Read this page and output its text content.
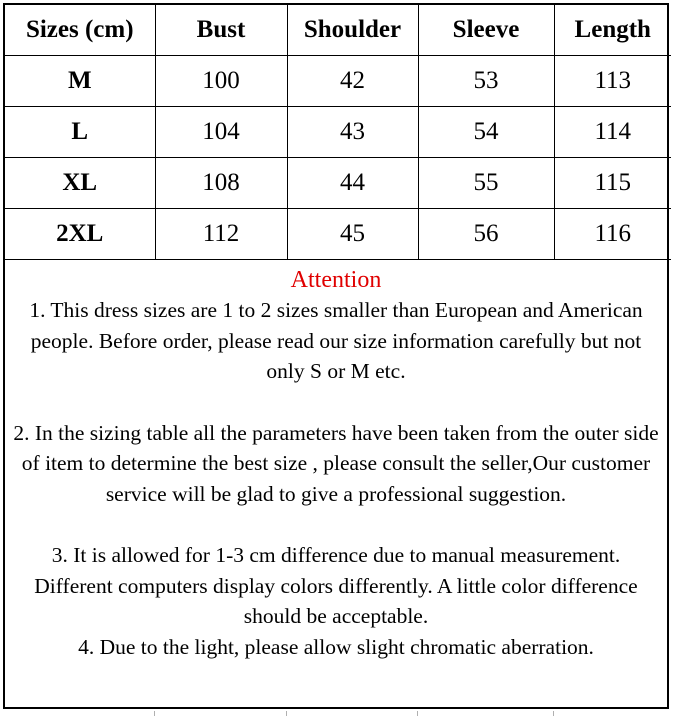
Sizes (cm)	Bust	Shoulder	Sleeve	Length
M	100	42	53	113
L	104	43	54	114
XL	108	44	55	115
2XL	112	45	56	116
Attention

1. This dress sizes are 1 to 2 sizes smaller than European and American people. Before order, please read our size information carefully but not only S or M etc.

2. In the sizing table all the parameters have been taken from the outer side of item to determine the best size , please consult the seller,Our customer service will be glad to give a professional suggestion.

3. It is allowed for 1-3 cm difference due to manual measurement. Different computers display colors differently. A little color difference should be acceptable.

4. Due to the light, please allow slight chromatic aberration.
